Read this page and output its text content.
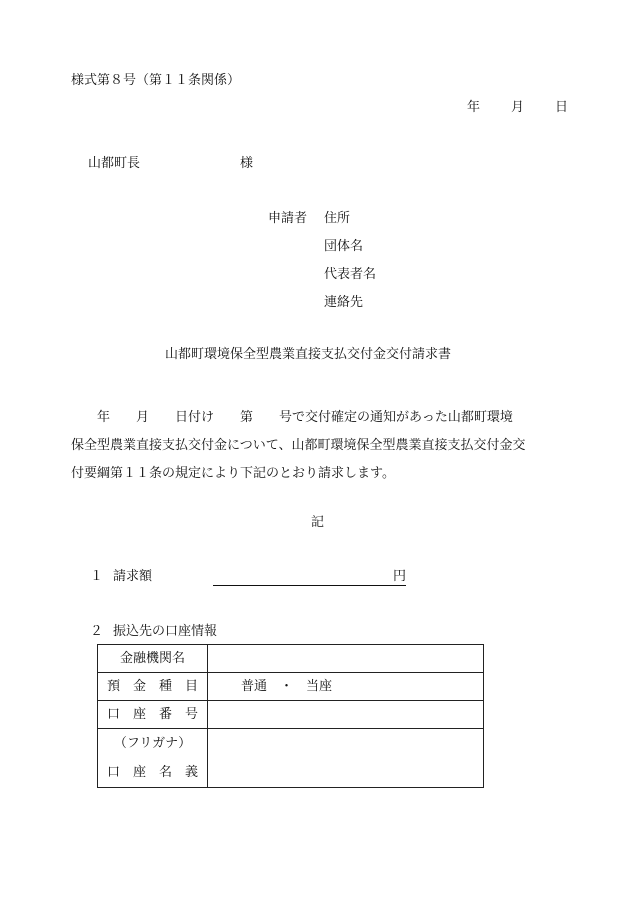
様式第８号（第１１条関係）
年 月 日
山都町長	様
申請者 住所
団体名
代表者名
連絡先
山都町環境保全型農業直接支払交付金交付請求書
　　年　　月　　日付け　　第　　号で交付確定の通知があった山都町環境
保全型農業直接支払交付金について、山都町環境保全型農業直接支払交付金交
付要綱第１１条の規定により下記のとおり請求します。
記
１ 請求額	円
２ 振込先の口座情報
金融機関名	
預　金　種　目	普通　・　当座
口　座　番　号	

（フリガナ）
口　座　名　義	
